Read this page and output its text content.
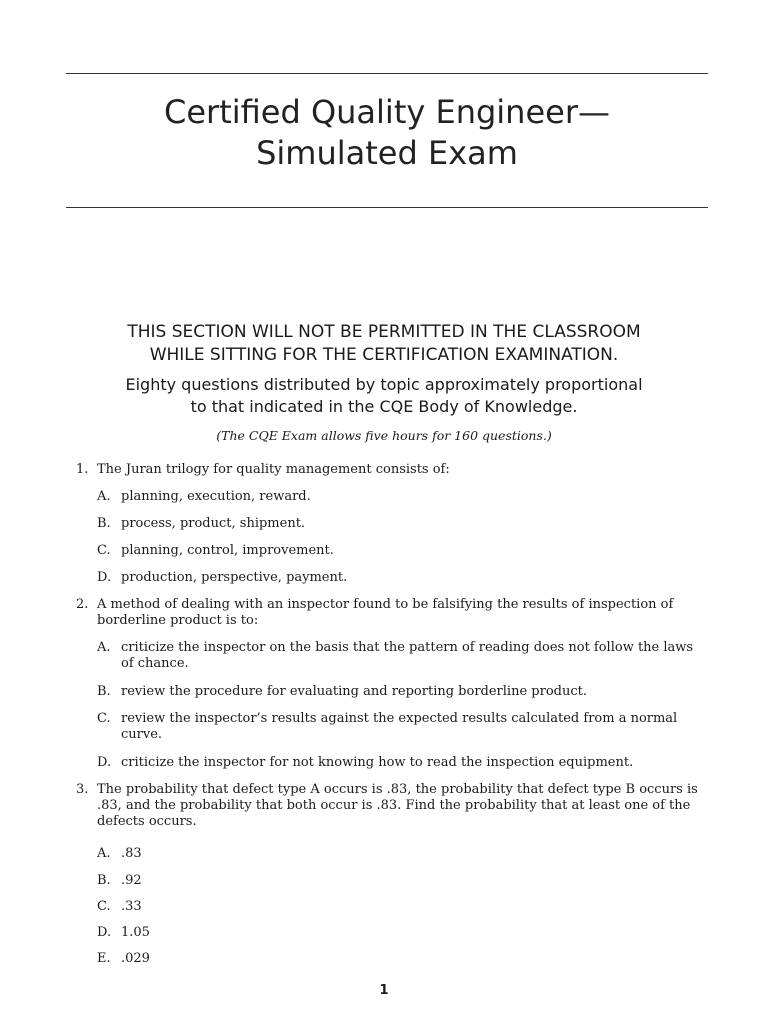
Certified Quality Engineer—
Simulated Exam
THIS SECTION WILL NOT BE PERMITTED IN THE CLASSROOM
WHILE SITTING FOR THE CERTIFICATION EXAMINATION.
Eighty questions distributed by topic approximately proportional
to that indicated in the CQE Body of Knowledge.
(The CQE Exam allows five hours for 160 questions.)
1. The Juran trilogy for quality management consists of:
A. planning, execution, reward.
B. process, product, shipment.
C. planning, control, improvement.
D. production, perspective, payment.
2. A method of dealing with an inspector found to be falsifying the results of inspection of borderline product is to:
A. criticize the inspector on the basis that the pattern of reading does not follow the laws of chance.
B. review the procedure for evaluating and reporting borderline product.
C. review the inspector’s results against the expected results calculated from a normal curve.
D. criticize the inspector for not knowing how to read the inspection equipment.
3. The probability that defect type A occurs is .83, the probability that defect type B occurs is .83, and the probability that both occur is .83. Find the probability that at least one of the defects occurs.
A. .83
B. .92
C. .33
D. 1.05
E. .029
1
